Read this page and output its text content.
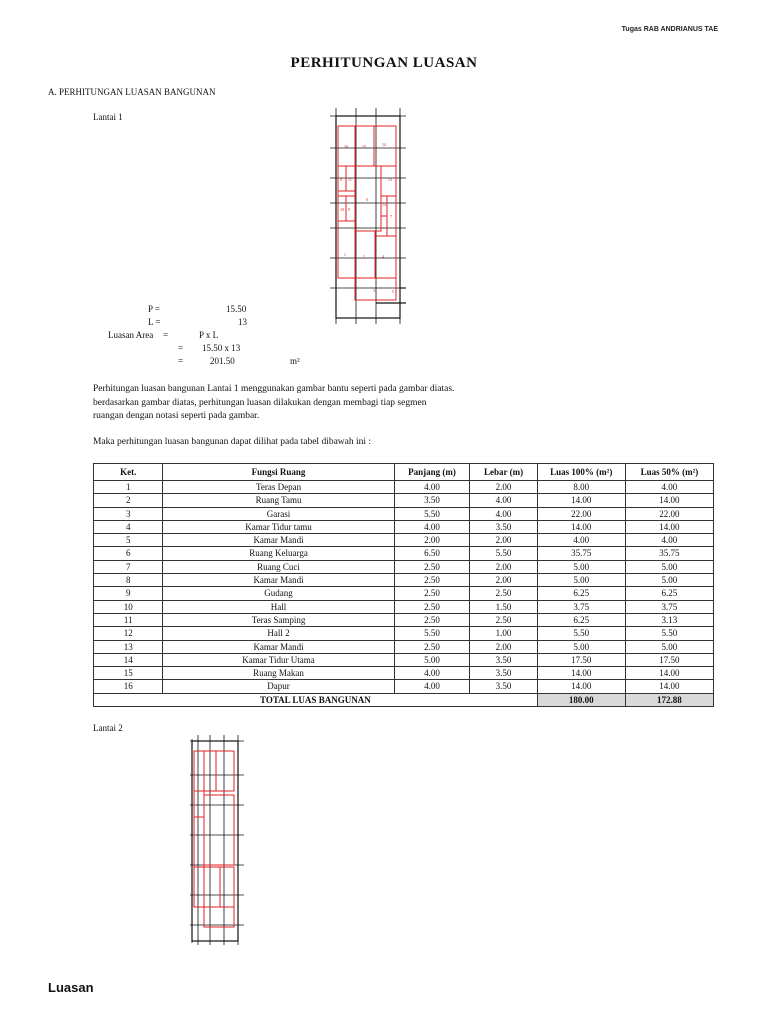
Tugas RAB ANDRIANUS TAE
PERHITUNGAN LUASAN
A. PERHITUNGAN LUASAN BANGUNAN
Lantai 1
16	15	14
8	13
11
6
12
10 9
7
1	2	4
3	5
P =	15.50
L =	13
Luasan Area =	P x L
= 15.50 x 13
=	201.50	m²

Perhitungan luasan bangunan Lantai 1 menggunakan gambar bantu seperti pada gambar diatas.

berdasarkan gambar diatas, perhitungan luasan dilakukan dengan membagi tiap segmen

ruangan dengan notasi seperti pada gambar.

Maka perhitungan luasan bangunan dapat dilihat pada tabel dibawah ini :
Ket.	Fungsi Ruang	Panjang (m)	Lebar (m)	Luas 100% (m²)	Luas 50% (m²)
1	Teras Depan	4.00	2.00	8.00	4.00
2	Ruang Tamu	3.50	4.00	14.00	14.00
3	Garasi	5.50	4.00	22.00	22.00
4	Kamar Tidur tamu	4.00	3.50	14.00	14.00
5	Kamar Mandi	2.00	2.00	4.00	4.00
6	Ruang Keluarga	6.50	5.50	35.75	35.75
7	Ruang Cuci	2.50	2.00	5.00	5.00
8	Kamar Mandi	2.50	2.00	5.00	5.00
9	Gudang	2.50	2.50	6.25	6.25
10	Hall	2.50	1.50	3.75	3.75
11	Teras Samping	2.50	2.50	6.25	3.13
12	Hall 2	5.50	1.00	5.50	5.50
13	Kamar Mandi	2.50	2.00	5.00	5.00
14	Kamar Tidur Utama	5.00	3.50	17.50	17.50
15	Ruang Makan	4.00	3.50	14.00	14.00
16	Dapur	4.00	3.50	14.00	14.00
TOTAL LUAS BANGUNAN				180.00	172.88
Lantai 2
Luasan
